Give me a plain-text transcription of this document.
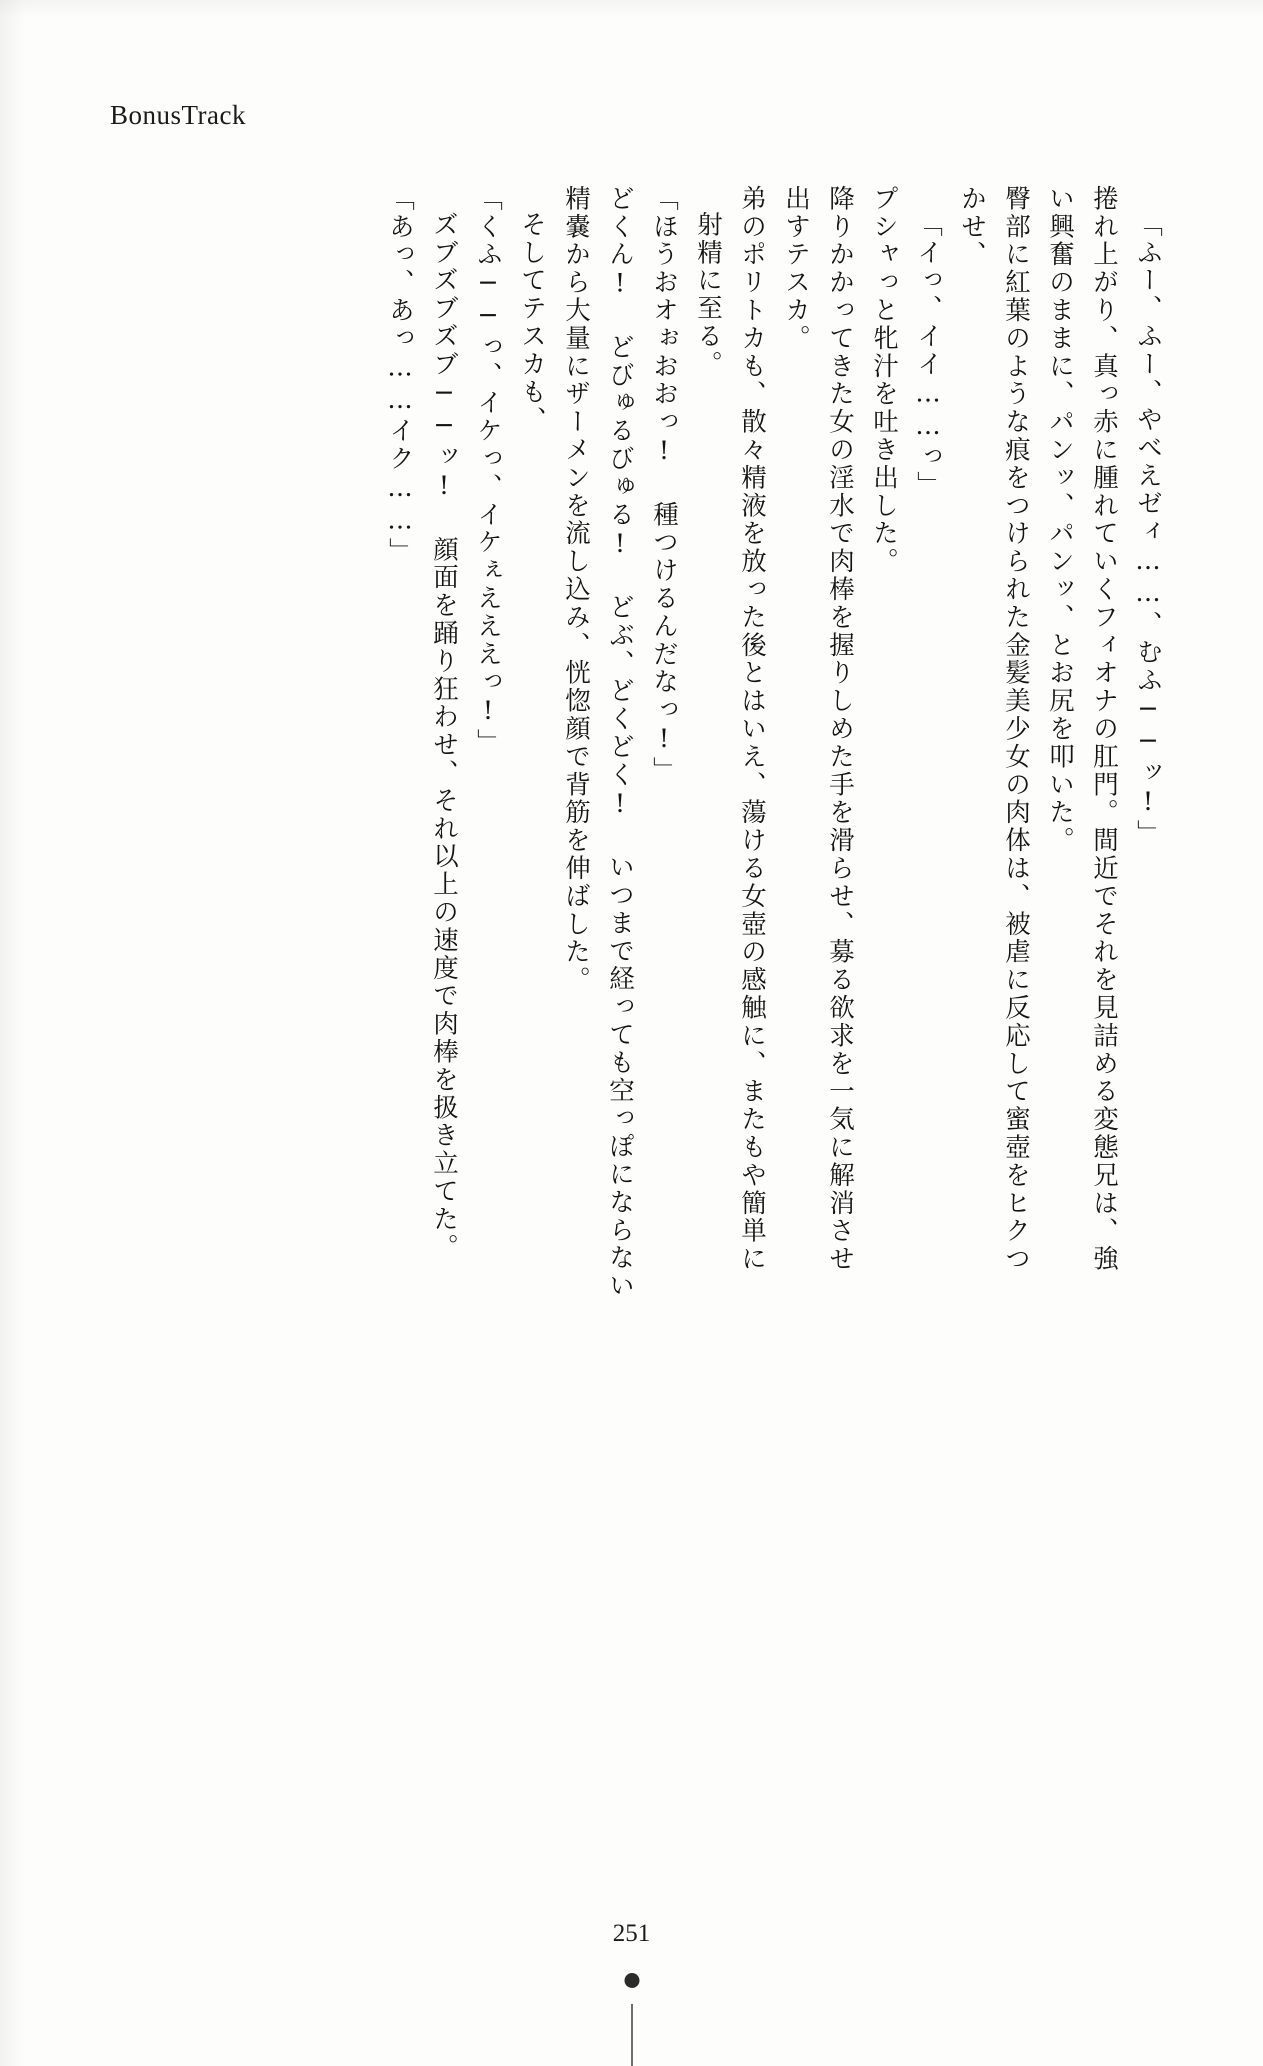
BonusTrack
「あっ、あっ……イク……」 ズブズブズブ──ッ! 顔面を踊り狂わせ、それ以上の速度で肉棒を扱き立てた。 「くふ──っ、イケっ、イケぇえええっ!」 そしてテスカも、 精嚢から大量にザーメンを流し込み、恍惚顔で背筋を伸ばした。 どくん! どびゅるびゅる! どぶ、どくどく! いつまで経っても空っぽにならない 「ほうおオぉおおっ! 種つけるんだなっ!」 射精に至る。 弟のポリトカも、散々精液を放った後とはいえ、蕩ける女壺の感触に、またもや簡単に 出すテスカ。 降りかかってきた女の淫水で肉棒を握りしめた手を滑らせ、募る欲求を一気に解消させ プシャっと牝汁を吐き出した。 「イっ、イイ……っ」 かせ、 臀部に紅葉のような痕をつけられた金髪美少女の肉体は、被虐に反応して蜜壺をヒクつ い興奮のままに、パンッ、パンッ、とお尻を叩いた。 捲れ上がり、真っ赤に腫れていくフィオナの肛門。間近でそれを見詰める変態兄は、強 「ふー、ふー、やべえゼィ……、むふ──ッ!」
251
